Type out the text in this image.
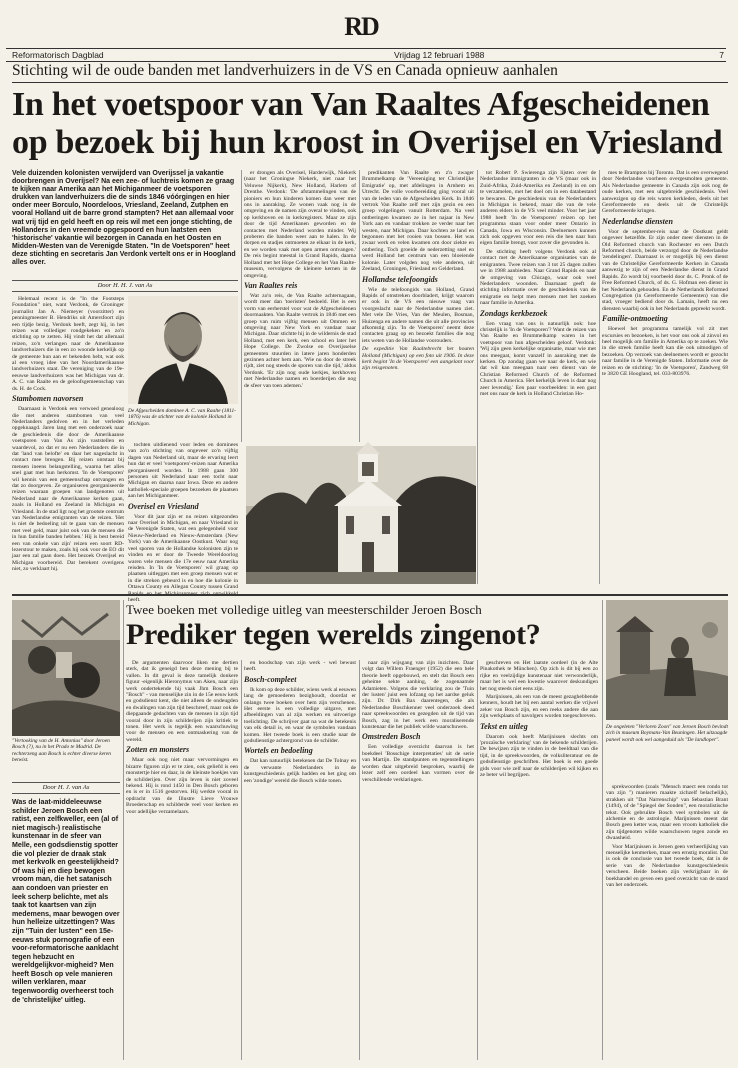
RD
Reformatorisch Dagblad	Vrijdag 12 februari 1988	7
Stichting wil de oude banden met landverhuizers in de VS en Canada opnieuw aanhalen
In het voetspoor van Van Raaltes Afgescheidenen
op bezoek bij hun kroost in Overijsel en Vriesland
Vele duizenden kolonisten verwijderd van Overijssel ja vakantie doorbrengen in Overijsel? Na een zee- of luchtreis komen ze graag te kijken naar Amerika aan het Michiganmeer de voetsporen drukken van landverhuizers die de sinds 1846 vóórgingen en hier onder meer Borculo, Noordeloos, Vriesland, Zeeland, Zutphen en vooral Holland uit de barre grond stampten? Het aan allemaal voor wat vrij tijd en geld heeft en op reis wil met een jonge stichting, de Hollanders in den vreemde opgespoord en hun laatsten een 'historische' vakantie wil bezorgen in Canada en het Oosten en Midden-Westen van de Verenigde Staten. "In de Voetsporen" heet deze stichting en secretaris Jan Verdonk vertelt ons er in Hoogland alles over.
Door H. H. J. van As

Helemaal recent is de "In the Footsteps Foundation" niet, want Verdonk, de Groninger journalist Jan A. Niemeyer (voorzitter) en penningmeester B. Hendriks uit Amersfoort zijn een tijdje bezig. Verdonk heeft, zegt hij, in het reizen wat vollediger rondgekeken en zo'n stichting op te zetten. Hij vindt het dat allemaal reizen, zo'n verlangen naar de Amerikaanse landverhuizers die in een zo woonde kerkelijk op de gemeente hun aan er bekenden hebt, wat ook al een vroeg idee van het Noordamerikaanse landverhuizers staat. De vereniging van de 19e-eeuwse landverhuizers was het Michigan van dr. A. C. van Raalte en de geloofsgemeenschap van ds. H. de Cock.

Stambomen navorsen

Daarnaast is Verdonk een verwoed genealoog die met anderen stambomen van veel Nederlanders gedolven en in het verleden opgeknaagd. Jaren lang met een onderzoek naar de geschiedenis die door de Amerikaanse voetsporen van Van As zijn vaststellen en waardevol, zo dat er nu een Nederlanders die in dat 'land van belofte' en daar het nageslacht in contact mee brengen. Bij reizen ontstaat bij mensen ineens belangstelling, waarna het alles snel gaat met hun herkomst. 'In de Voetsporen' wil kennis van een gemeenschap ontvangen en dat zo doorgeven. Ze organiseren georganiseerde reizen waaraan groepen van landgenoten uit Nederland naar de Amerikaanse kerken gaan, zoals in Holland en Zeeland in Michigan en Vriesland. In de stad ligt nog het grootste centrum van Nederlandse emigranten van de reizen. 'Het is niet de bedoeling uit te gaan van de mensen met veel geld, maar juist ook van de mensen die in hun familie banden hebben.' Hij is best bereid een van onkele van zijn' reizen een soort RD-lezerstour te maken, zoals hij ook voor de EO dit jaar een zal gaan doen. Het bezoek Overijsel en Michigan voorbereid. Dat berekent overigens niet, zo verklaart hij.

De Afgescheiden dominee A. C. van Raalte (1811-1876) was de stichter van de kolonie Holland in Michigan.

tochten uitdienend voor leden en dominees van zo'n stichting van ongeveer zo'n vijftig dagen van Nederland uit, maar de ervaring leert hun dat er veel 'voetsporen'-reizen naar Amerika georganiseerd worden. In 1988 gaan 300 personen uit Nederland naar een tocht naar Michigan en daarna naar Iowa. Deze en andere katholiek-speciale groepen bezoeken de plaatsen aan het Michiganmeer.

Overisel en Vriesland

Voor dit jaar zijn er nu reizen uitgezonden naar Overisel in Michigan, en naar Vriesland in de Verenigde Staten, wat een gelegenheid voor Nieuw-Nederland en Nieuw-Amsterdam (New York) van de Amerikaanse Oostkust. Waar nog veel sporen van de Hollandse kolonisten zijn te vinden en er door de Tweede Wereldoorlog waren vele mensen die 17e eeuw naar Amerika reisden. In 'In de Voetsporen' wil graag op plaatsen uitleggen met een groep mensen wat er in die streken gebeurd is en hoe die kolonie in Ottawa County en Allegan County tussen Grand Rapids en het Michiganmeer zich ontwikkeld heeft.

er drongen als Overisel, Harderwijk, Niekerk (naar het Groningse Niekerk, niet naar het Veluwse Nijkerk), New Holland, Harlem of Drenthe. Verdonk: 'De afstammelingen van de pioniers en hun kinderen komen dan weer met ons in aanraking. Ze wonen vaak nog in de omgeving en de namen zijn overal te vinden, ook op kerkhoven en in kerkregisters. Maar ze zijn door de tijd Amerikanen geworden en de contacten met Nederland worden minder. Wij proberen die banden weer aan te halen. In de dorpen en stadjes ontmoeten ze elkaar in de kerk, en we worden vaak met open armen ontvangen.' De reis begint meestal in Grand Rapids, daarna Holland met het Hope College en het Van Raalte-museum, vervolgens de kleinere kernen in de omgeving.

Van Raaltes reis

Wat zo'n reis, de Van Raalte achternagaan, wordt meer dan 'toeristen' bedoeld. Het is een vorm van eerherstel voor wat de Afgescheidenen doormaakten. Van Raalte vertrok in 1846 met een groep van ruim vijftig mensen uit Ommen en omgeving naar New York en vandaar naar Michigan. Daar stichtte hij in de wildernis de stad Holland, met een kerk, een school en later het Hope College. De Zwolse en Overijsselse gemeenten stuurden in latere jaren honderden gezinnen achter hem aan. 'Wie nu door de streek rijdt, ziet nog steeds de sporen van die tijd,' aldus Verdonk. 'Er zijn nog oude kerkjes, kerkhoven met Nederlandse namen en boerderijen die nog de sfeer van toen ademen.'

predikanten Van Raalte en z'n zwager Brummelkamp de 'Vereeniging ter Christelijke Emigratie' op, met afdelingen in Arnhem en Utrecht. De volle voorbereiding ging vooral uit van de leden van de Afgescheiden Kerk. In 1846 vertrok Van Raalte zelf met zijn gezin en een groep volgelingen vanuit Rotterdam. Na veel ontberingen kwamen ze in het najaar in New York aan en vandaar trokken ze verder naar het westen, naar Michigan. Daar kochten ze land en begonnen met het rooien van bossen. Het was zwaar werk en velen kwamen om door ziekte en ontbering. Toch groeide de nederzetting snel en werd Holland het centrum van een bloeiende kolonie. Later volgden nog vele anderen, uit Zeeland, Groningen, Friesland en Gelderland.

Hollandse telefoongids

Wie de telefoongids van Holland, Grand Rapids of omstreken doorbladert, krijgt waarom er ook in de VS een nieuwe vaag van voorgeslacht naar de Nederlandse namen ziet. Met vele De Vries, Van der Meulen, Bosman, Huizenga en andere namen die uit alle provincies afkomstig zijn. 'In de Voetsporen' neemt deze contacten graag op en bezoekt families die nog iets weten van de Hollandse voorouders.

De expeditie Van Raaltebrecht het houten Holland (Michigan) op een foto uit 1906. In deze kerk begint 'In de Voetsporen' een aangelant voor zijn reisgenoten.

tot Robert P. Swierenga zijn lijsten over de Nederlandse immigranten in de VS (maar ook in Zuid-Afrika, Zuid-Amerika en Zeeland) in en om te verzamelen, met het doel om in een databestand te bewaren. De geschiedenis van de Nederlanders in Michigan is bekend, maar die van de vele anderen elders in de VS veel minder. Voor het jaar 1988 heeft 'In de Voetsporen' reizen op het programma staan voor onder meer Ontario in Canada, Iowa en Wisconsin. Deelnemers kunnen zich ook opgeven voor een reis die hen naar hun eigen familie brengt, voor zover die gevonden is.

De stichting heeft volgens Verdonk ook al contact met de Amerikaanse organisaties van de emigranten. Twee reizen van 3 tot 25 dagen zullen we in 1988 aanbieden. Naar Grand Rapids en naar de omgeving van Chicago, waar ook veel Nederlanders woonden. Daarnaast geeft de stichting informatie over de geschiedenis van de emigratie en helpt men mensen met het zoeken naar familie in Amerika.

Zondags kerkbezoek

Een vraag van ons is natuurlijk ook: hoe christelijk is 'In de Voetsporen'? Want de reizen van Van Raalte en Brummelkamp waren in het voetspoor van hun afgescheiden geloof. Verdonk: 'Wij zijn geen kerkelijke organisatie, maar wie met ons meegaat, komt vanzelf in aanraking met de kerken. Op zondag gaan we naar de kerk, en wie dat wil kan meegaan naar een dienst van de Christian Reformed Church of de Reformed Church in America. Het kerkelijk leven is daar nog zeer levendig.' Een paar voorbeelden: in een gast met ons naar de kerk in Holland Christian Ho-

mes te Brampton bij Toronto. Dat is een overwegend door Nederlandse voorheen overgesmolten gemeente. Als Nederlandse gemeente in Canada zijn ook nog de oude kerken, met een uitgebreide geschiedenis. Veel aanwezigen op die reis waren kerkleden, deels uit het Gereformeerde en deels uit de Christelijk Gereformeerde kringen.

Nederlandse diensten

Voor de september-reis naar de Oostkust geldt ongeveer hetzelfde. Er zijn onder meer diensten in de Old Reformed church van Rochester en een Dutch Reformed church, beide verzorgd door de Nederlandse 'zendelingen'. Daarnaast is er mogelijk bij een dienst van de Christelijke Gereformeerde Kerken in Canada aanwezig te zijn of een Nederlandse dienst in Grand Rapids. Zo wordt bij voorbeeld door ds. C. Pronk of de Free Reformed Church, of ds. G. Hofman een dienst in het Nederlands gehouden. En de Netherlands Reformed Congregation (in Gereformeerde Gemeenten) van die stad, vroeger bediend door ds. Lamain, heeft nu een diensten waarbij ook in het Nederlands gepreekt wordt.

Familie-ontmoeting

Hoewel het programma tamelijk vol zit met excursies en bezoeken, is het voor ons ook al zinvol en heel mogelijk om familie in Amerika op te zoeken. Wie in die streek familie heeft kan die ook uitnodigen of bezoeken. Op verzoek van deelnemers wordt er gezocht naar familie in de Verenigde Staten. Informatie over de reizen en de stichting: 'In de Voetsporen', Zandweg 68 te 3820 GE Hoogland, tel. 033-803976.

"Vertooking van de H. Antonius" door Jeroen Bosch (?), nu in het Prado te Madrid. De rechterzeng aan Bosch is echter diverse keren betwist.
Door H. J. van As
Was de laat-middeleeuwse schilder Jeroen Bosch een ratist, een zelfkweller, een (al of niet magisch-) realistische kunstenaar in de sfeer van Melle, een godsdienstig spotter die vol plezier de draak stak met kerkvolk en geestelijkheid? Of was hij en diep bewogen vroom man, die het satanisch aan condoen van priester en leek scherp belichte, met als taak tot kaartsen van zijn medemens, maar bewogen over hun helleize uitzettingen? Was zijn "Tuin der lusten" een 15e-eeuws stuk pornografie of een voor-reformatorische aanklacht tegen hebzucht en wereldgelijkvor-migheid? Men heeft Bosch op vele manieren willen verklaren, maar tegenwoordig overheerst toch de 'christelijke' uitleg.
Twee boeken met volledige uitleg van meesterschilder Jeroen Bosch
Prediker tegen werelds zingenot?

De argumenten daarvoor liken me dertien sterk, dat ik geneigd ben deze mening bij te vallen. In dit geval is deze tamelijk donkere figuur -eigenlijk Hieronymus van Aken, naar zijn werk ondertekende hij vaak Jhm Bosch een "Bosch" - van menselijke zin in de 15e eeuw kerk en godsdienst kent, die niet alleen de ondeugden en dwalingen van zijn tijd beschreef, maar ook de diepgaande gedachten van de mensen in zijn tijd vooral door in zijn schilderijen zijn kritiek te tonen. Het werk is tegelijk een waarschuwing voor de mensen en een ontmaskering van de wereld.

Zotten en monsters

Maar ook nog niet maar vervormingen en bizarre figuren zijn er te zien, ook geliefd is een monstertje hier en daar, in de kleinste hoekjes van de schilderijen. Over zijn leven is niet zoveel bekend. Hij is rond 1450 in Den Bosch geboren en is er in 1516 gestorven. Hij werkte vooral in opdracht van de Illustre Lieve Vrouwe Broederschap en schilderde veel voor kerken en voor adellijke verzamelaars.

en boodschap van zijn werk - wel bewust heeft.

Bosch-compleet

Ik kom op deze schilder, wiens werk al eeuwen lang de gemoederen bezighoudt, doordat er onlangs twee boeken over hem zijn verschenen. Het eerste is een volledige uitgave, met afbeeldingen van al zijn werken en uitvoerige toelichting. De schrijver gaat na wat de betekenis van elk detail is, en waar de symbolen vandaan komen. Het tweede boek is een studie naar de godsdienstige achtergrond van de schilder.

Wortels en bedoeling

Dat kan natuurlijk betekenen dat De Tolnay en de verwante Nederlanders in de kunstgeschiedenis gelijk hadden en het ging om een 'zondige' wereld die Bosch wilde tonen.

naar zijn wijsgang van zijn inzichten. Daar volgt dan Willem Fraenger (1952) die een hele theorie heeft opgebouwd, en stelt dat Bosch een geheime sekte aanhing, de zogenaamde Adamieten. Volgens die verklaring zou de 'Tuin der lusten' juist een lofzang op het aardse geluk zijn. Dr. Dirk Bax daarentegen, die als Nederlandse Boschkenner veel onderzoek deed naar spreekwoorden en gezegden uit de tijd van Bosch, zag in het werk een moraliserende kunstenaar die het publiek wilde waarschuwen.

Omstreden Bosch

Een volledige overzicht daarvan is het boekdeel 'Bosschige interpretaties' uit de serie van Martijn. De standpunten en tegenstellingen worden daar uitgebreid besproken, waarbij de lezer zelf een oordeel kan vormen over de verschillende verklaringen.

geschreven en Het laatste oordeel (in de Alte Pinakothek te München). Op zich is dit bij een zo rijke en veelzijdige kunstenaar niet verwonderlijk, maar het is wel een kwestie waarover deskundigen het nog steeds niet eens zijn.

Marijnissen, als een van de meest gezaghebbende kenners, houdt het bij een aantal werken die vrijwel zeker van Bosch zijn, en een reeks andere die aan zijn werkplaats of navolgers worden toegeschreven.

Tekst en uitleg

Daarom ook heeft Marijnissen slechts om 'prozaïsche verklaring' van de bekende schilderijen. De bewijzen zijn te vinden in de beeldtaal van die tijd, in de spreekwoorden, de volksliteratuur en de godsdienstige geschriften. Het boek is een goede gids voor wie zelf naar de schilderijen wil kijken en ze beter wil begrijpen.

De ongeleten "Verloren Zoon" van Jeroen Bosch bevindt zich in museum Boymans-Van Beuningen. Het uitzaagde paneel wordt ook wel aangeduid als "De landloper".

sprekwoorden (zoals "Mensch maect een rondo tot van zijn ") manieren maakte zichzelf belachelijk), strakken uit "Dat Narrenschip" van Sebastian Brant (1494), of de "Spiegel der Sonden", een moralistische tekst. Ook gebruikte Bosch veel symbolen uit de alchemie en de astrologie. Marijnissen meent dat Bosch geen ketter was, maar een vroom katholiek die zijn tijdgenoten wilde waarschuwen tegen zonde en dwaasheid.

Voor Marijnissen is Jeroen geen verheerlijking van menselijke kenmerken, maar een ernstig moralist. Dat is ook de conclusie van het tweede boek, dat in de serie van de Nederlandse kunstgeschiedenis verscheen. Beide boeken zijn verkrijgbaar in de boekhandel en geven een goed overzicht van de stand van het onderzoek.
